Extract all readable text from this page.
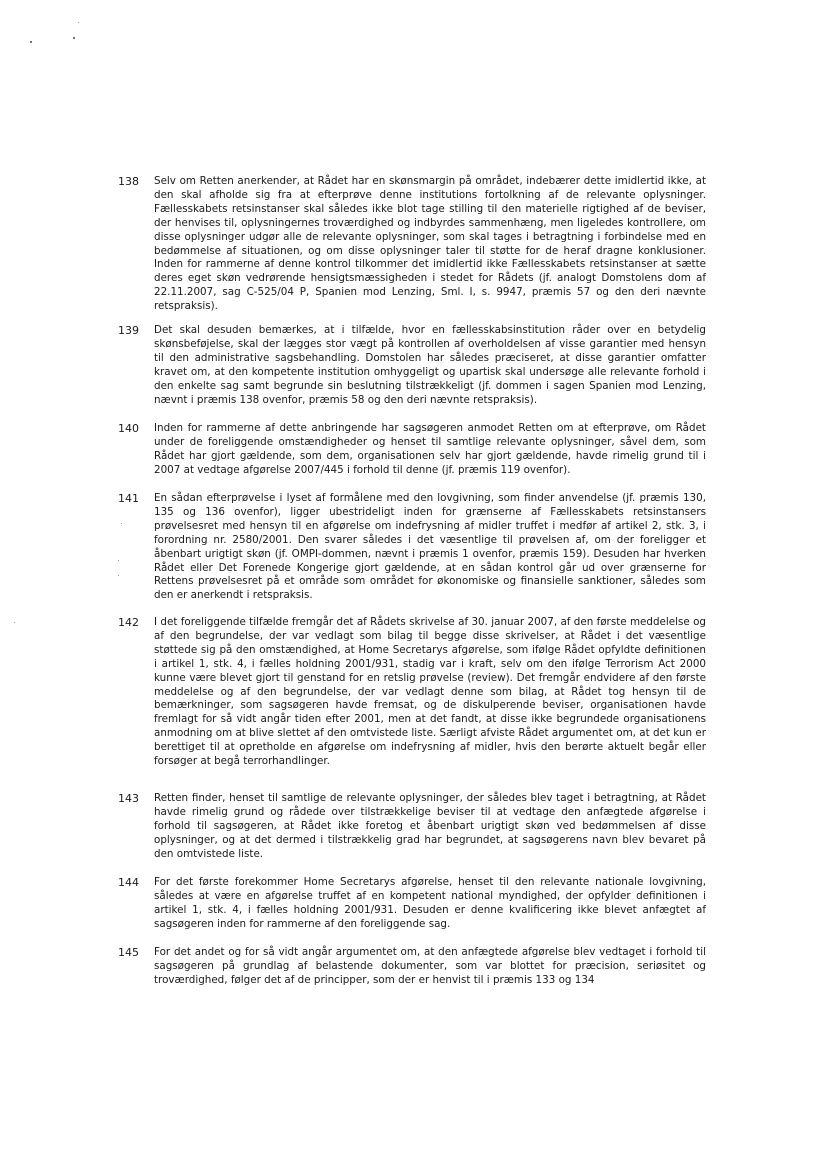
138 Selv om Retten anerkender, at Rådet har en skønsmargin på området, indebærer dette imidlertid ikke, at den skal afholde sig fra at efterprøve denne institutions fortolkning af de relevante oplysninger. Fællesskabets retsinstanser skal således ikke blot tage stilling til den materielle rigtighed af de beviser, der henvises til, oplysningernes troværdighed og indbyrdes sammenhæng, men ligeledes kontrollere, om disse oplysninger udgør alle de relevante oplysninger, som skal tages i betragtning i forbindelse med en bedømmelse af situationen, og om disse oplysninger taler til støtte for de heraf dragne konklusioner. Inden for rammerne af denne kontrol tilkommer det imidlertid ikke Fællesskabets retsinstanser at sætte deres eget skøn vedrørende hensigtsmæssigheden i stedet for Rådets (jf. analogt Domstolens dom af 22.11.2007, sag C-525/04 P, Spanien mod Lenzing, Sml. I, s. 9947, præmis 57 og den deri nævnte retspraksis).
139 Det skal desuden bemærkes, at i tilfælde, hvor en fællesskabsinstitution råder over en betydelig skønsbeføjelse, skal der lægges stor vægt på kontrollen af overholdelsen af visse garantier med hensyn til den administrative sagsbehandling. Domstolen har således præciseret, at disse garantier omfatter kravet om, at den kompetente institution omhyggeligt og upartisk skal undersøge alle relevante forhold i den enkelte sag samt begrunde sin beslutning tilstrækkeligt (jf. dommen i sagen Spanien mod Lenzing, nævnt i præmis 138 ovenfor, præmis 58 og den deri nævnte retspraksis).
140 Inden for rammerne af dette anbringende har sagsøgeren anmodet Retten om at efterprøve, om Rådet under de foreliggende omstændigheder og henset til samtlige relevante oplysninger, såvel dem, som Rådet har gjort gældende, som dem, organisationen selv har gjort gældende, havde rimelig grund til i 2007 at vedtage afgørelse 2007/445 i forhold til denne (jf. præmis 119 ovenfor).
141 En sådan efterprøvelse i lyset af formålene med den lovgivning, som finder anvendelse (jf. præmis 130, 135 og 136 ovenfor), ligger ubestrideligt inden for grænserne af Fællesskabets retsinstansers prøvelsesret med hensyn til en afgørelse om indefrysning af midler truffet i medfør af artikel 2, stk. 3, i forordning nr. 2580/2001. Den svarer således i det væsentlige til prøvelsen af, om der foreligger et åbenbart urigtigt skøn (jf. OMPI-dommen, nævnt i præmis 1 ovenfor, præmis 159). Desuden har hverken Rådet eller Det Forenede Kongerige gjort gældende, at en sådan kontrol går ud over grænserne for Rettens prøvelsesret på et område som området for økonomiske og finansielle sanktioner, således som den er anerkendt i retspraksis.
142 I det foreliggende tilfælde fremgår det af Rådets skrivelse af 30. januar 2007, af den første meddelelse og af den begrundelse, der var vedlagt som bilag til begge disse skrivelser, at Rådet i det væsentlige støttede sig på den omstændighed, at Home Secretarys afgørelse, som ifølge Rådet opfyldte definitionen i artikel 1, stk. 4, i fælles holdning 2001/931, stadig var i kraft, selv om den ifølge Terrorism Act 2000 kunne være blevet gjort til genstand for en retslig prøvelse (review). Det fremgår endvidere af den første meddelelse og af den begrundelse, der var vedlagt denne som bilag, at Rådet tog hensyn til de bemærkninger, som sagsøgeren havde fremsat, og de diskulperende beviser, organisationen havde fremlagt for så vidt angår tiden efter 2001, men at det fandt, at disse ikke begrundede organisationens anmodning om at blive slettet af den omtvistede liste. Særligt afviste Rådet argumentet om, at det kun er berettiget til at opretholde en afgørelse om indefrysning af midler, hvis den berørte aktuelt begår eller forsøger at begå terrorhandlinger.
143 Retten finder, henset til samtlige de relevante oplysninger, der således blev taget i betragtning, at Rådet havde rimelig grund og rådede over tilstrækkelige beviser til at vedtage den anfægtede afgørelse i forhold til sagsøgeren, at Rådet ikke foretog et åbenbart urigtigt skøn ved bedømmelsen af disse oplysninger, og at det dermed i tilstrækkelig grad har begrundet, at sagsøgerens navn blev bevaret på den omtvistede liste.
144 For det første forekommer Home Secretarys afgørelse, henset til den relevante nationale lovgivning, således at være en afgørelse truffet af en kompetent national myndighed, der opfylder definitionen i artikel 1, stk. 4, i fælles holdning 2001/931. Desuden er denne kvalificering ikke blevet anfægtet af sagsøgeren inden for rammerne af den foreliggende sag.
145 For det andet og for så vidt angår argumentet om, at den anfægtede afgørelse blev vedtaget i forhold til sagsøgeren på grundlag af belastende dokumenter, som var blottet for præcision, seriøsitet og troværdighed, følger det af de principper, som der er henvist til i præmis 133 og 134
